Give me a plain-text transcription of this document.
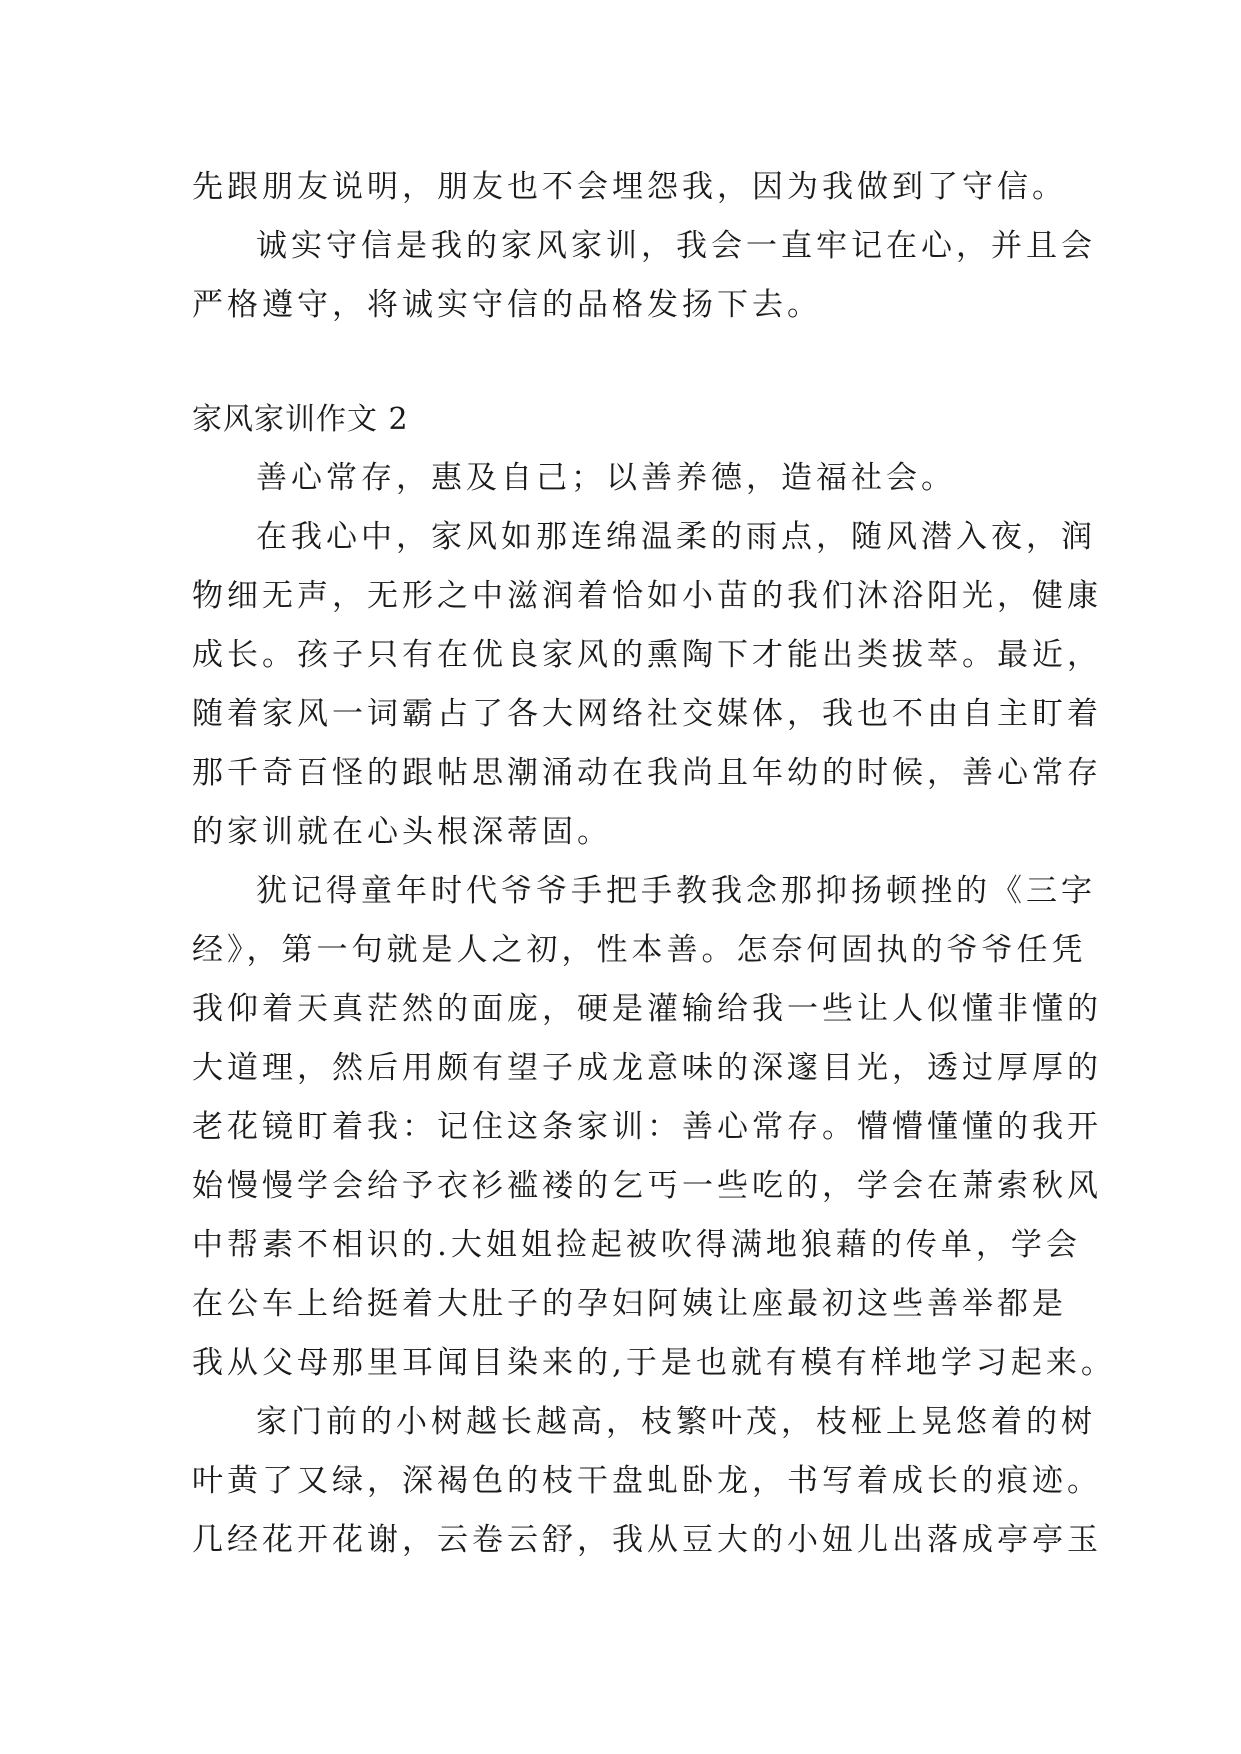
先跟朋友说明，朋友也不会埋怨我，因为我做到了守信。
诚实守信是我的家风家训，我会一直牢记在心，并且会
严格遵守，将诚实守信的品格发扬下去。
家风家训作文 2
善心常存，惠及自己；以善养德，造福社会。
在我心中，家风如那连绵温柔的雨点，随风潜入夜，润
物细无声，无形之中滋润着恰如小苗的我们沐浴阳光，健康
成长。孩子只有在优良家风的熏陶下才能出类拔萃。最近，
随着家风一词霸占了各大网络社交媒体，我也不由自主盯着
那千奇百怪的跟帖思潮涌动在我尚且年幼的时候，善心常存
的家训就在心头根深蒂固。
犹记得童年时代爷爷手把手教我念那抑扬顿挫的《三字
经》，第一句就是人之初，性本善。怎奈何固执的爷爷任凭
我仰着天真茫然的面庞，硬是灌输给我一些让人似懂非懂的
大道理，然后用颇有望子成龙意味的深邃目光，透过厚厚的
老花镜盯着我：记住这条家训：善心常存。懵懵懂懂的我开
始慢慢学会给予衣衫褴褛的乞丐一些吃的，学会在萧索秋风
中帮素不相识的.大姐姐捡起被吹得满地狼藉的传单，学会
在公车上给挺着大肚子的孕妇阿姨让座最初这些善举都是
我从父母那里耳闻目染来的,于是也就有模有样地学习起来。
家门前的小树越长越高，枝繁叶茂，枝桠上晃悠着的树
叶黄了又绿，深褐色的枝干盘虬卧龙，书写着成长的痕迹。
几经花开花谢，云卷云舒，我从豆大的小妞儿出落成亭亭玉
